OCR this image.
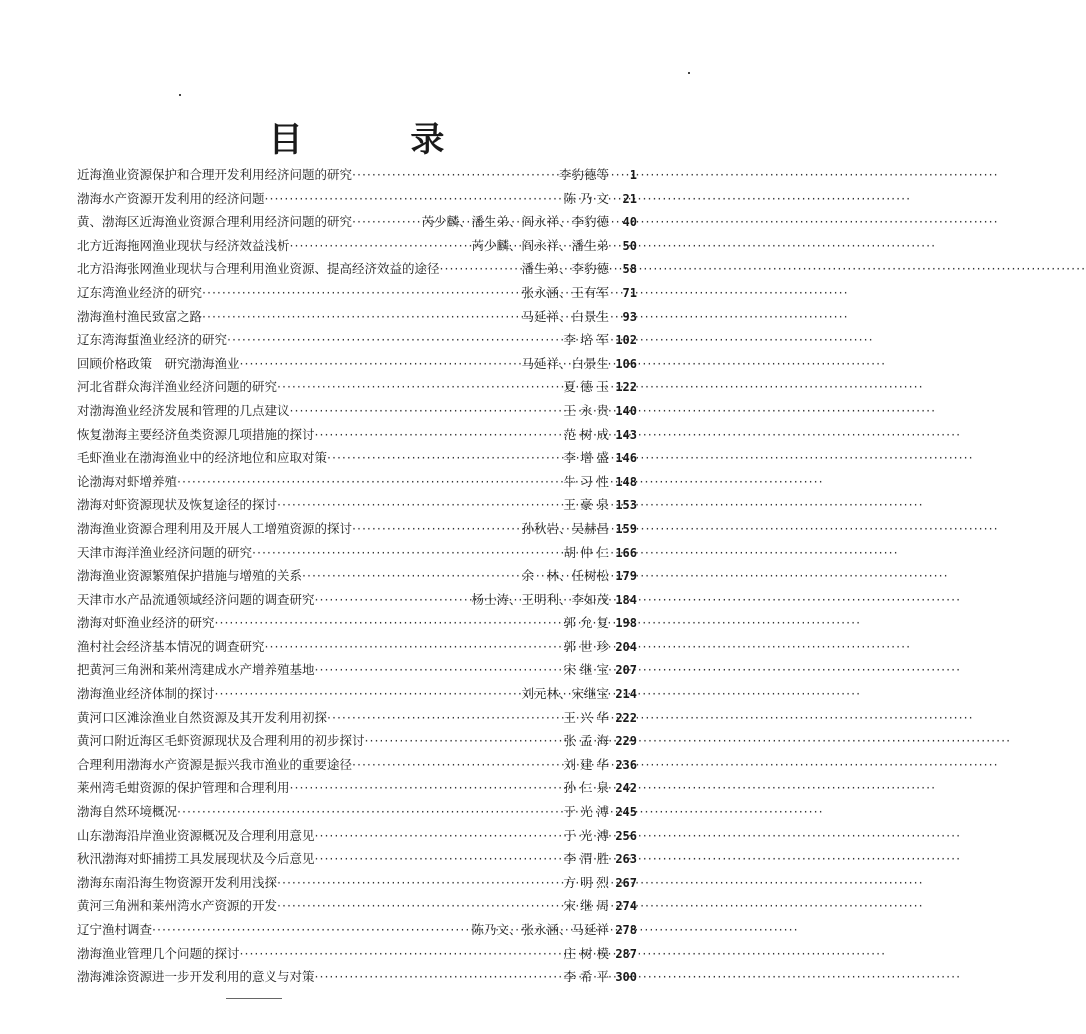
目 录
近海渔业资源保护和合理开发利用经济问题的研究 ·····	李豹德等	1
渤海水产资源开发利用的经济问题 ·····	陈 乃 文	21
黄、渤海区近海渔业资源合理利用经济问题的研究 ·····	芮少麟、潘生弟、阎永祥、李豹德	40
北方近海拖网渔业现状与经济效益浅析 ·····	芮少麟、阎永祥、潘生弟	50
北方沿海张网渔业现状与合理利用渔业资源、提高经济效益的途径 ·····	潘生弟、李豹德	58
辽东湾渔业经济的研究 ·····	张永涵、王有军	71
渤海渔村渔民致富之路 ·····	马延祥、白景生	93
辽东湾海蜇渔业经济的研究 ·····	李 培 军 102
回顾价格政策　研究渤海渔业 ·····	马延祥、白景生 106
河北省群众海洋渔业经济问题的研究 ·····	夏 德 玉 122
对渤海渔业经济发展和管理的几点建议 ·····	王 永 贵 140
恢复渤海主要经济鱼类资源几项措施的探讨 ·····	范 树 成 143
毛虾渔业在渤海渔业中的经济地位和应取对策 ·····	李 增 盛 146
论渤海对虾增养殖 ·····	牛 习 性 148
渤海对虾资源现状及恢复途径的探讨 ·····	王 豪 泉 153
渤海渔业资源合理利用及开展人工增殖资源的探讨 ·····	孙秋岩、吴赫昌 159
天津市海洋渔业经济问题的研究 ·····	胡 仲 仁 166
渤海渔业资源繁殖保护措施与增殖的关系 ·····	余　林、任树松 179
天津市水产品流通领域经济问题的调查研究 ·····	杨士涛、王明利、李如茂 184
渤海对虾渔业经济的研究 ·····	郭 允 复 198
渔村社会经济基本情况的调查研究 ·····	郭 世 珍 204
把黄河三角洲和莱州湾建成水产增养殖基地 ·····	宋 继 宝 207
渤海渔业经济体制的探讨 ·····	刘元林、宋继宝 214
黄河口区滩涂渔业自然资源及其开发利用初探 ·····	王 兴 华 222
黄河口附近海区毛虾资源现状及合理利用的初步探讨 ·····	张 孟 海 229
合理利用渤海水产资源是振兴我市渔业的重要途径 ·····	刘 建 华 236
莱州湾毛蚶资源的保护管理和合理利用 ·····	孙 仁 泉 242
渤海自然环境概况 ·····	于 光 溥 245
山东渤海沿岸渔业资源概况及合理利用意见 ·····	于 光 溥 256
秋汛渤海对虾捕捞工具发展现状及今后意见 ·····	李 渭 胜 263
渤海东南沿海生物资源开发利用浅探 ·····	方 明 烈 267
黄河三角洲和莱州湾水产资源的开发 ·····	宋 继 周 274
辽宁渔村调查 ·····	陈乃文、张永涵、马延祥 278
渤海渔业管理几个问题的探讨 ·····	庄 树 模 287
渤海滩涂资源进一步开发利用的意义与对策 ·····	李 希 平 300
